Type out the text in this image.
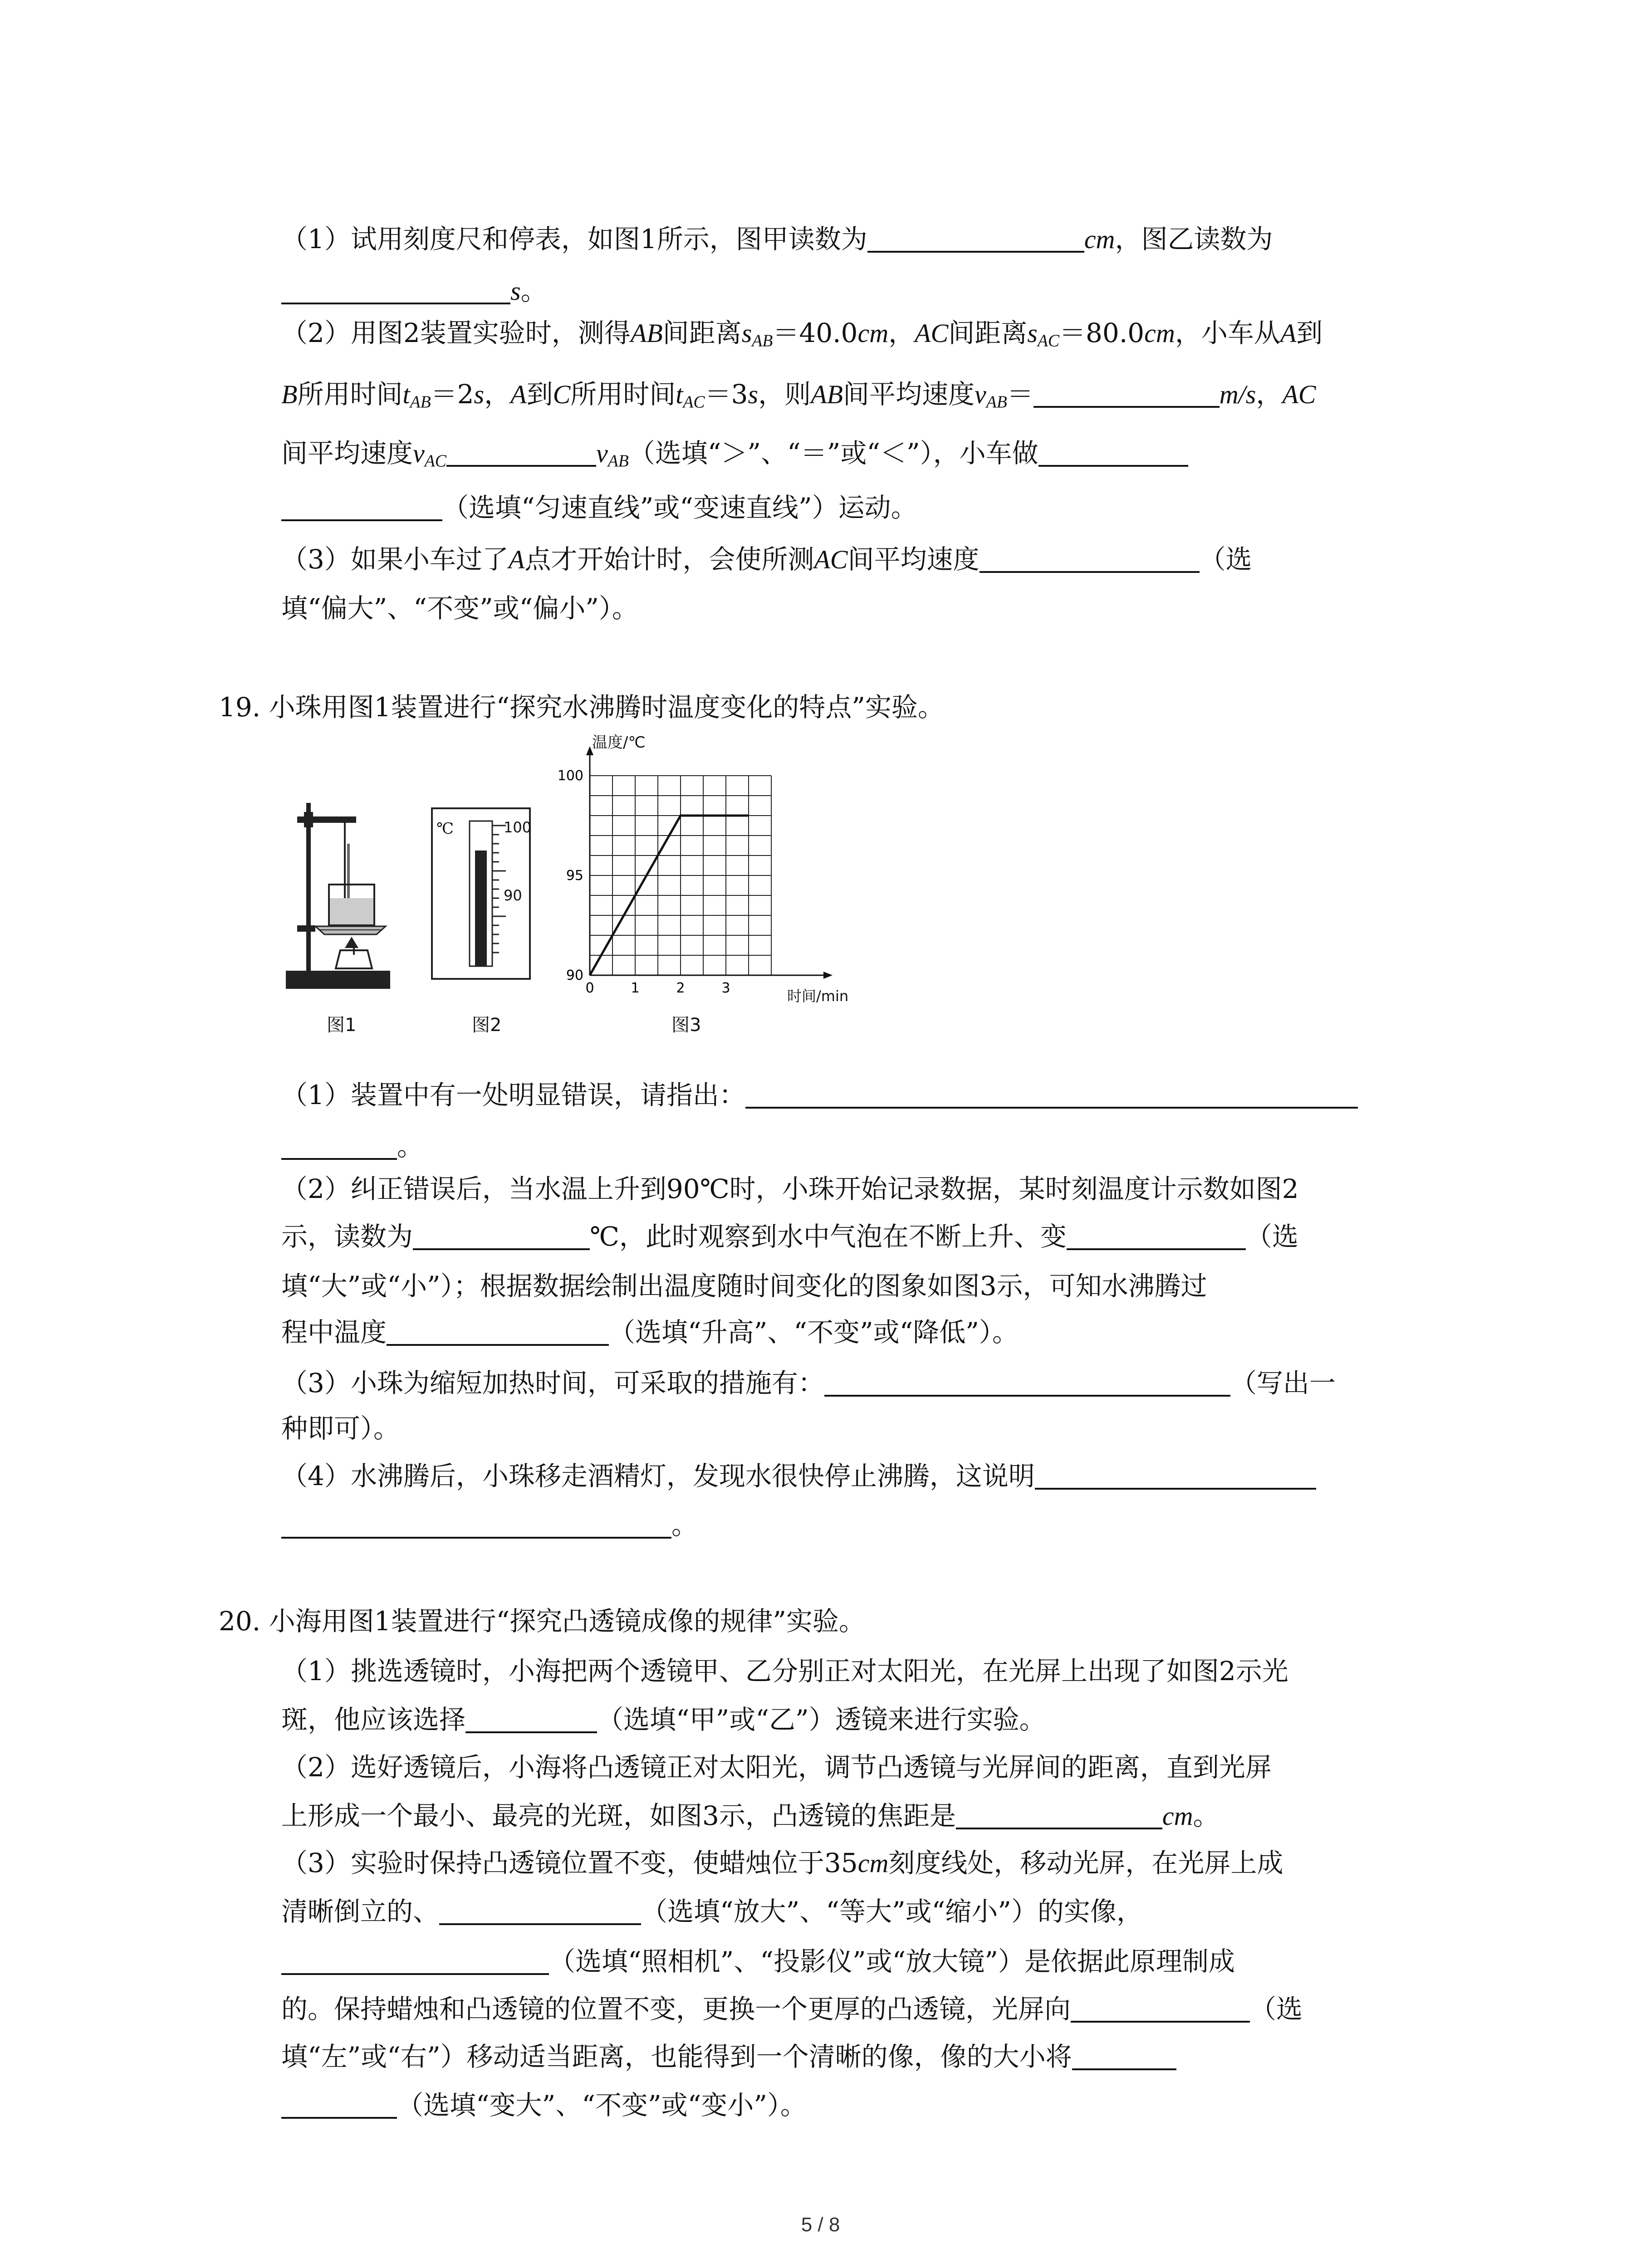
（1）试用刻度尺和停表，如图1所示，图甲读数为	cm，图乙读数为
s。
（2）用图2装置实验时，测得AB间距离$s_{AB}=40.0cm$，AC间距离$s_{AC}=80.0cm$，小车从A到
B所用时间$t_{AB}=2s$，A到C所用时间$t_{AC}=3s$，则AB间平均速度$v_{AB}=$	m/s，AC
间平均速度$v_{AC}$	$v_{AB}$（选填“＞”、“＝”或“＜”），小车做
（选填“匀速直线”或“变速直线”）运动。
（3）如果小车过了A点才开始计时，会使所测AC间平均速度	（选
填“偏大”、“不变”或“偏小”）。
19. 小珠用图1装置进行“探究水沸腾时温度变化的特点”实验。
图1
℃	100
90
图2
0	1	2	3
90
95
100
温度/℃
时间/min
图3
（1）装置中有一处明显错误，请指出：
。
（2）纠正错误后，当水温上升到90℃时，小珠开始记录数据，某时刻温度计示数如图2
示，读数为	℃，此时观察到水中气泡在不断上升、变	（选
填“大”或“小”）；根据数据绘制出温度随时间变化的图象如图3示，可知水沸腾过
程中温度	（选填“升高”、“不变”或“降低”）。
（3）小珠为缩短加热时间，可采取的措施有：	（写出一
种即可）。
（4）水沸腾后，小珠移走酒精灯，发现水很快停止沸腾，这说明
。
20. 小海用图1装置进行“探究凸透镜成像的规律”实验。
（1）挑选透镜时，小海把两个透镜甲、乙分别正对太阳光，在光屏上出现了如图2示光
斑，他应该选择	（选填“甲”或“乙”）透镜来进行实验。
（2）选好透镜后，小海将凸透镜正对太阳光，调节凸透镜与光屏间的距离，直到光屏
上形成一个最小、最亮的光斑，如图3示，凸透镜的焦距是	cm。
（3）实验时保持凸透镜位置不变，使蜡烛位于35cm刻度线处，移动光屏，在光屏上成
清晰倒立的、	（选填“放大”、“等大”或“缩小”）的实像，
（选填“照相机”、“投影仪”或“放大镜”）是依据此原理制成
的。保持蜡烛和凸透镜的位置不变，更换一个更厚的凸透镜，光屏向	（选
填“左”或“右”）移动适当距离，也能得到一个清晰的像，像的大小将
（选填“变大”、“不变”或“变小”）。
5 / 8
